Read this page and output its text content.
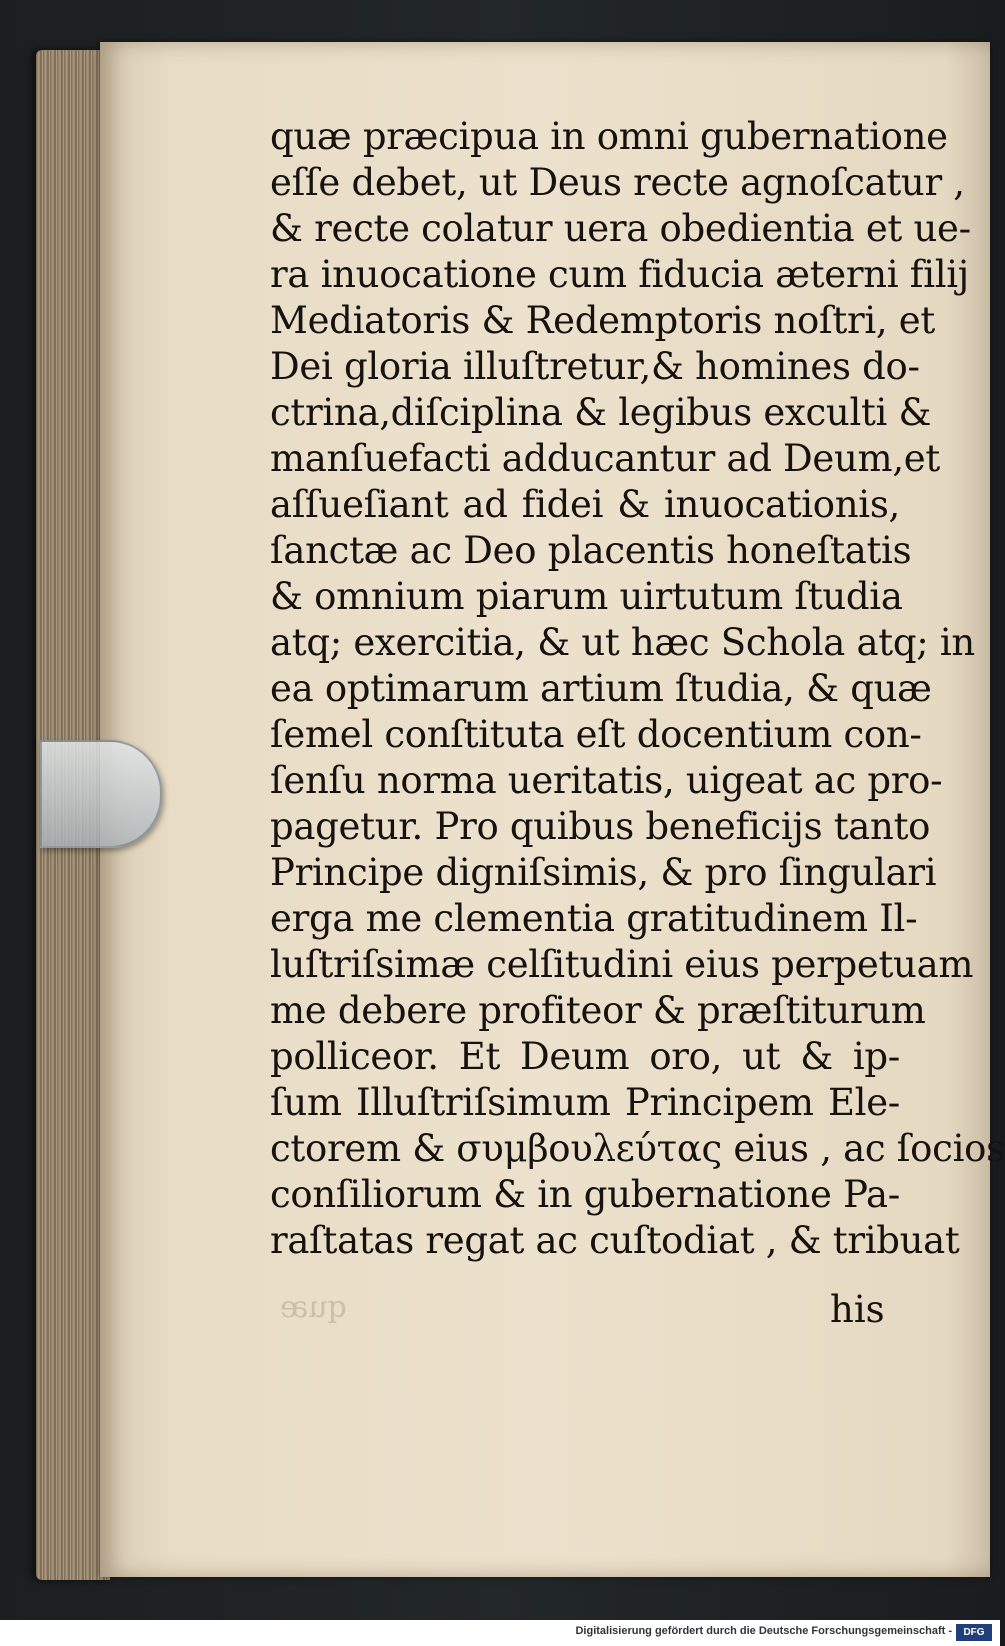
quæ
quæ præcipua in omni gubernatione
eſſe debet, ut Deus recte agnoſcatur ,
& recte colatur uera obedientia et ue-
ra inuocatione cum fiducia æterni filij
Mediatoris & Redemptoris noſtri, et
Dei gloria illuſtretur,& homines do-
ctrina,diſciplina & legibus exculti &
manſuefacti adducantur ad Deum,et
aſſueſiant ad fidei & inuocationis,
ſanctæ ac Deo placentis honeſtatis
& omnium piarum uirtutum ſtudia
atq; exercitia, & ut hæc Schola atq; in
ea optimarum artium ſtudia, & quæ
ſemel conſtituta eſt docentium con-
ſenſu norma ueritatis, uigeat ac pro-
pagetur. Pro quibus beneficijs tanto
Principe digniſsimis, & pro ſingulari
erga me clementia gratitudinem Il-
luſtriſsimæ celſitudini eius perpetuam
me debere profiteor & præſtiturum
polliceor. Et Deum oro, ut & ip-
ſum Illuſtriſsimum Principem Ele-
ctorem & συμβουλεύτας eius , ac ſocios
conſiliorum & in gubernatione Pa-
raſtatas regat ac cuſtodiat , & tribuat
his
Digitalisierung gefördert durch die Deutsche Forschungsgemeinschaft -	DFG
